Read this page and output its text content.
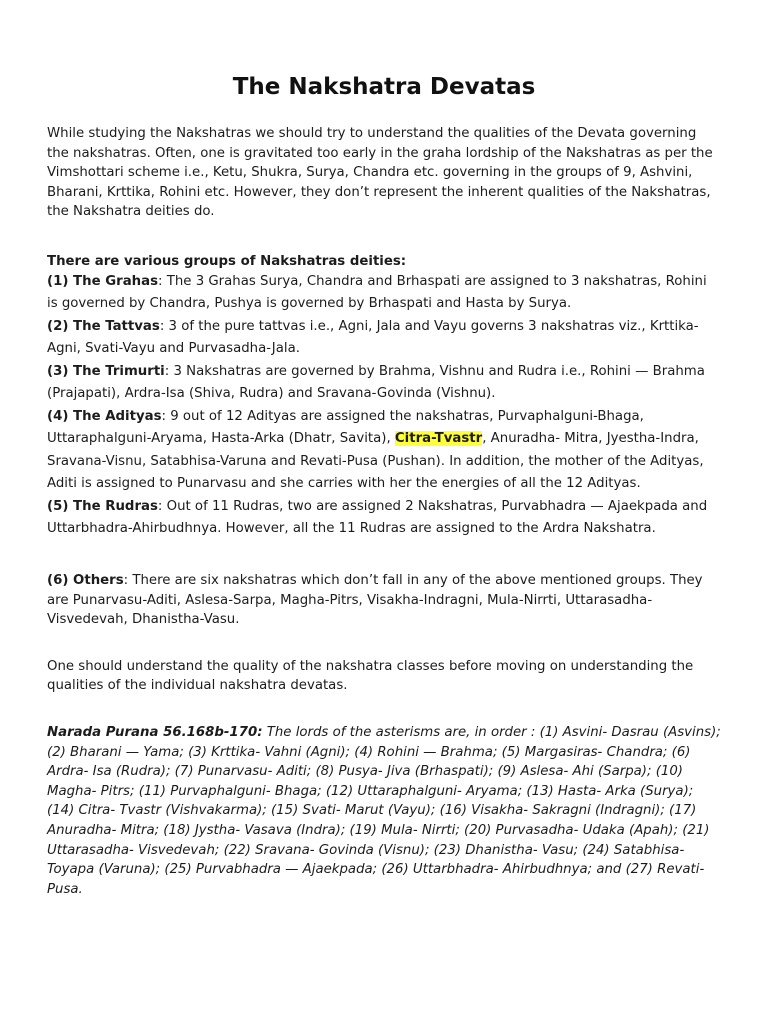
The Nakshatra Devatas

While studying the Nakshatras we should try to understand the qualities of the Devata governing the nakshatras. Often, one is gravitated too early in the graha lordship of the Nakshatras as per the Vimshottari scheme i.e., Ketu, Shukra, Surya, Chandra etc. governing in the groups of 9, Ashvini, Bharani, Krttika, Rohini etc. However, they don’t represent the inherent qualities of the Nakshatras, the Nakshatra deities do.

There are various groups of Nakshatras deities:

(1) The Grahas: The 3 Grahas Surya, Chandra and Brhaspati are assigned to 3 nakshatras, Rohini is governed by Chandra, Pushya is governed by Brhaspati and Hasta by Surya.

(2) The Tattvas: 3 of the pure tattvas i.e., Agni, Jala and Vayu governs 3 nakshatras viz., Krttika-Agni, Svati-Vayu and Purvasadha-Jala.

(3) The Trimurti: 3 Nakshatras are governed by Brahma, Vishnu and Rudra i.e., Rohini — Brahma (Prajapati), Ardra-Isa (Shiva, Rudra) and Sravana-Govinda (Vishnu).

(4) The Adityas: 9 out of 12 Adityas are assigned the nakshatras, Purvaphalguni-Bhaga, Uttaraphalguni-Aryama, Hasta-Arka (Dhatr, Savita), Citra-Tvastr, Anuradha- Mitra, Jyestha-Indra, Sravana-Visnu, Satabhisa-Varuna and Revati-Pusa (Pushan). In addition, the mother of the Adityas, Aditi is assigned to Punarvasu and she carries with her the energies of all the 12 Adityas.

(5) The Rudras: Out of 11 Rudras, two are assigned 2 Nakshatras, Purvabhadra — Ajaekpada and Uttarbhadra-Ahirbudhnya. However, all the 11 Rudras are assigned to the Ardra Nakshatra.

(6) Others: There are six nakshatras which don’t fall in any of the above mentioned groups. They are Punarvasu-Aditi, Aslesa-Sarpa, Magha-Pitrs, Visakha-Indragni, Mula-Nirrti, Uttarasadha-Visvedevah, Dhanistha-Vasu.

One should understand the quality of the nakshatra classes before moving on understanding the qualities of the individual nakshatra devatas.

Narada Purana 56.168b-170: The lords of the asterisms are, in order : (1) Asvini- Dasrau (Asvins); (2) Bharani — Yama; (3) Krttika- Vahni (Agni); (4) Rohini — Brahma; (5) Margasiras- Chandra; (6) Ardra- Isa (Rudra); (7) Punarvasu- Aditi; (8) Pusya- Jiva (Brhaspati); (9) Aslesa- Ahi (Sarpa); (10) Magha- Pitrs; (11) Purvaphalguni- Bhaga; (12) Uttaraphalguni- Aryama; (13) Hasta- Arka (Surya); (14) Citra- Tvastr (Vishvakarma); (15) Svati- Marut (Vayu); (16) Visakha- Sakragni (Indragni); (17) Anuradha- Mitra; (18) Jystha- Vasava (Indra); (19) Mula- Nirrti; (20) Purvasadha- Udaka (Apah); (21) Uttarasadha- Visvedevah; (22) Sravana- Govinda (Visnu); (23) Dhanistha- Vasu; (24) Satabhisa- Toyapa (Varuna); (25) Purvabhadra — Ajaekpada; (26) Uttarbhadra- Ahirbudhnya; and (27) Revati- Pusa.
